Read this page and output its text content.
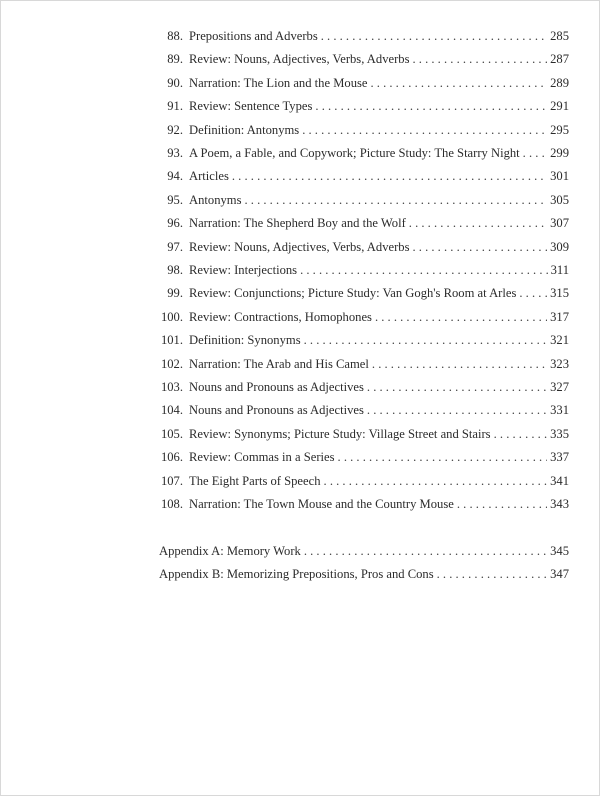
88. Prepositions and Adverbs . . .	285
89. Review: Nouns, Adjectives, Verbs, Adverbs . . .	287
90. Narration: The Lion and the Mouse . . .	289
91. Review: Sentence Types . . .	291
92. Definition: Antonyms . . .	295
93. A Poem, a Fable, and Copywork; Picture Study: The Starry Night . . . 299
94. Articles . . .	301
95. Antonyms . . .	305
96. Narration: The Shepherd Boy and the Wolf . . .	307
97. Review: Nouns, Adjectives, Verbs, Adverbs . . .	309
98. Review: Interjections . . .	311
99. Review: Conjunctions; Picture Study: Van Gogh's Room at Arles . . .	315
100. Review: Contractions, Homophones . . .	317
101. Definition: Synonyms . . .	321
102. Narration: The Arab and His Camel . . .	323
103. Nouns and Pronouns as Adjectives . . .	327
104. Nouns and Pronouns as Adjectives . . .	331
105. Review: Synonyms; Picture Study: Village Street and Stairs . . .	335
106. Review: Commas in a Series . . .	337
107. The Eight Parts of Speech . . .	341
108. Narration: The Town Mouse and the Country Mouse . . .	343
Appendix A: Memory Work . . .	345
Appendix B: Memorizing Prepositions, Pros and Cons . . .	347
